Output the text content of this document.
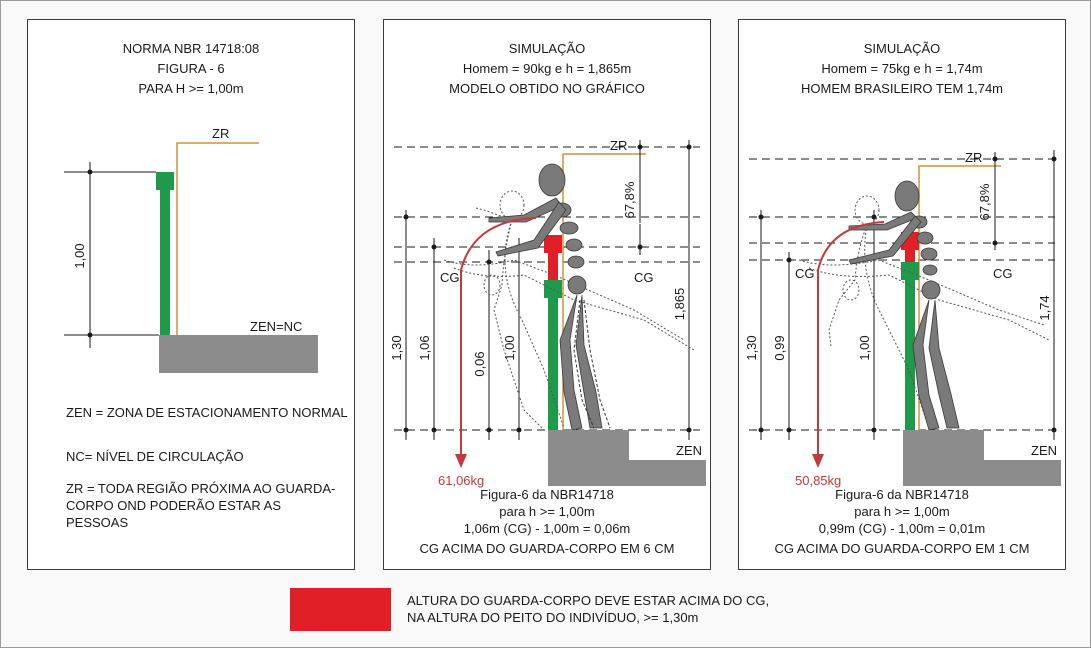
NORMA NBR 14718:08
FIGURA - 6
PARA H >= 1,00m
ZR
1,00
ZEN=NC
ZEN = ZONA DE ESTACIONAMENTO NORMAL
NC= NÍVEL DE CIRCULAÇÃO
ZR = TODA REGIÃO PRÓXIMA AO GUARDA-CORPO OND PODERÃO ESTAR AS PESSOAS
SIMULAÇÃO
Homem = 90kg e h = 1,865m
MODELO OBTIDO NO GRÁFICO
ZR
1,30 1,06
0,06
1,00
1,865
67,8%
CG	CG
61,06kg
ZEN
Figura-6 da NBR14718
para h >= 1,00m
1,06m (CG) - 1,00m = 0,06m
CG ACIMA DO GUARDA-CORPO EM 6 CM
SIMULAÇÃO
Homem = 75kg e h = 1,74m
HOMEM BRASILEIRO TEM 1,74m
ZR
1,30 0,99	1,00
1,74
67,8%
CG	CG
50,85kg
ZEN
Figura-6 da NBR14718
para h >= 1,00m
0,99m (CG) - 1,00m = 0,01m
CG ACIMA DO GUARDA-CORPO EM 1 CM
ALTURA DO GUARDA-CORPO DEVE ESTAR ACIMA DO CG,
NA ALTURA DO PEITO DO INDIVÍDUO, >= 1,30m
